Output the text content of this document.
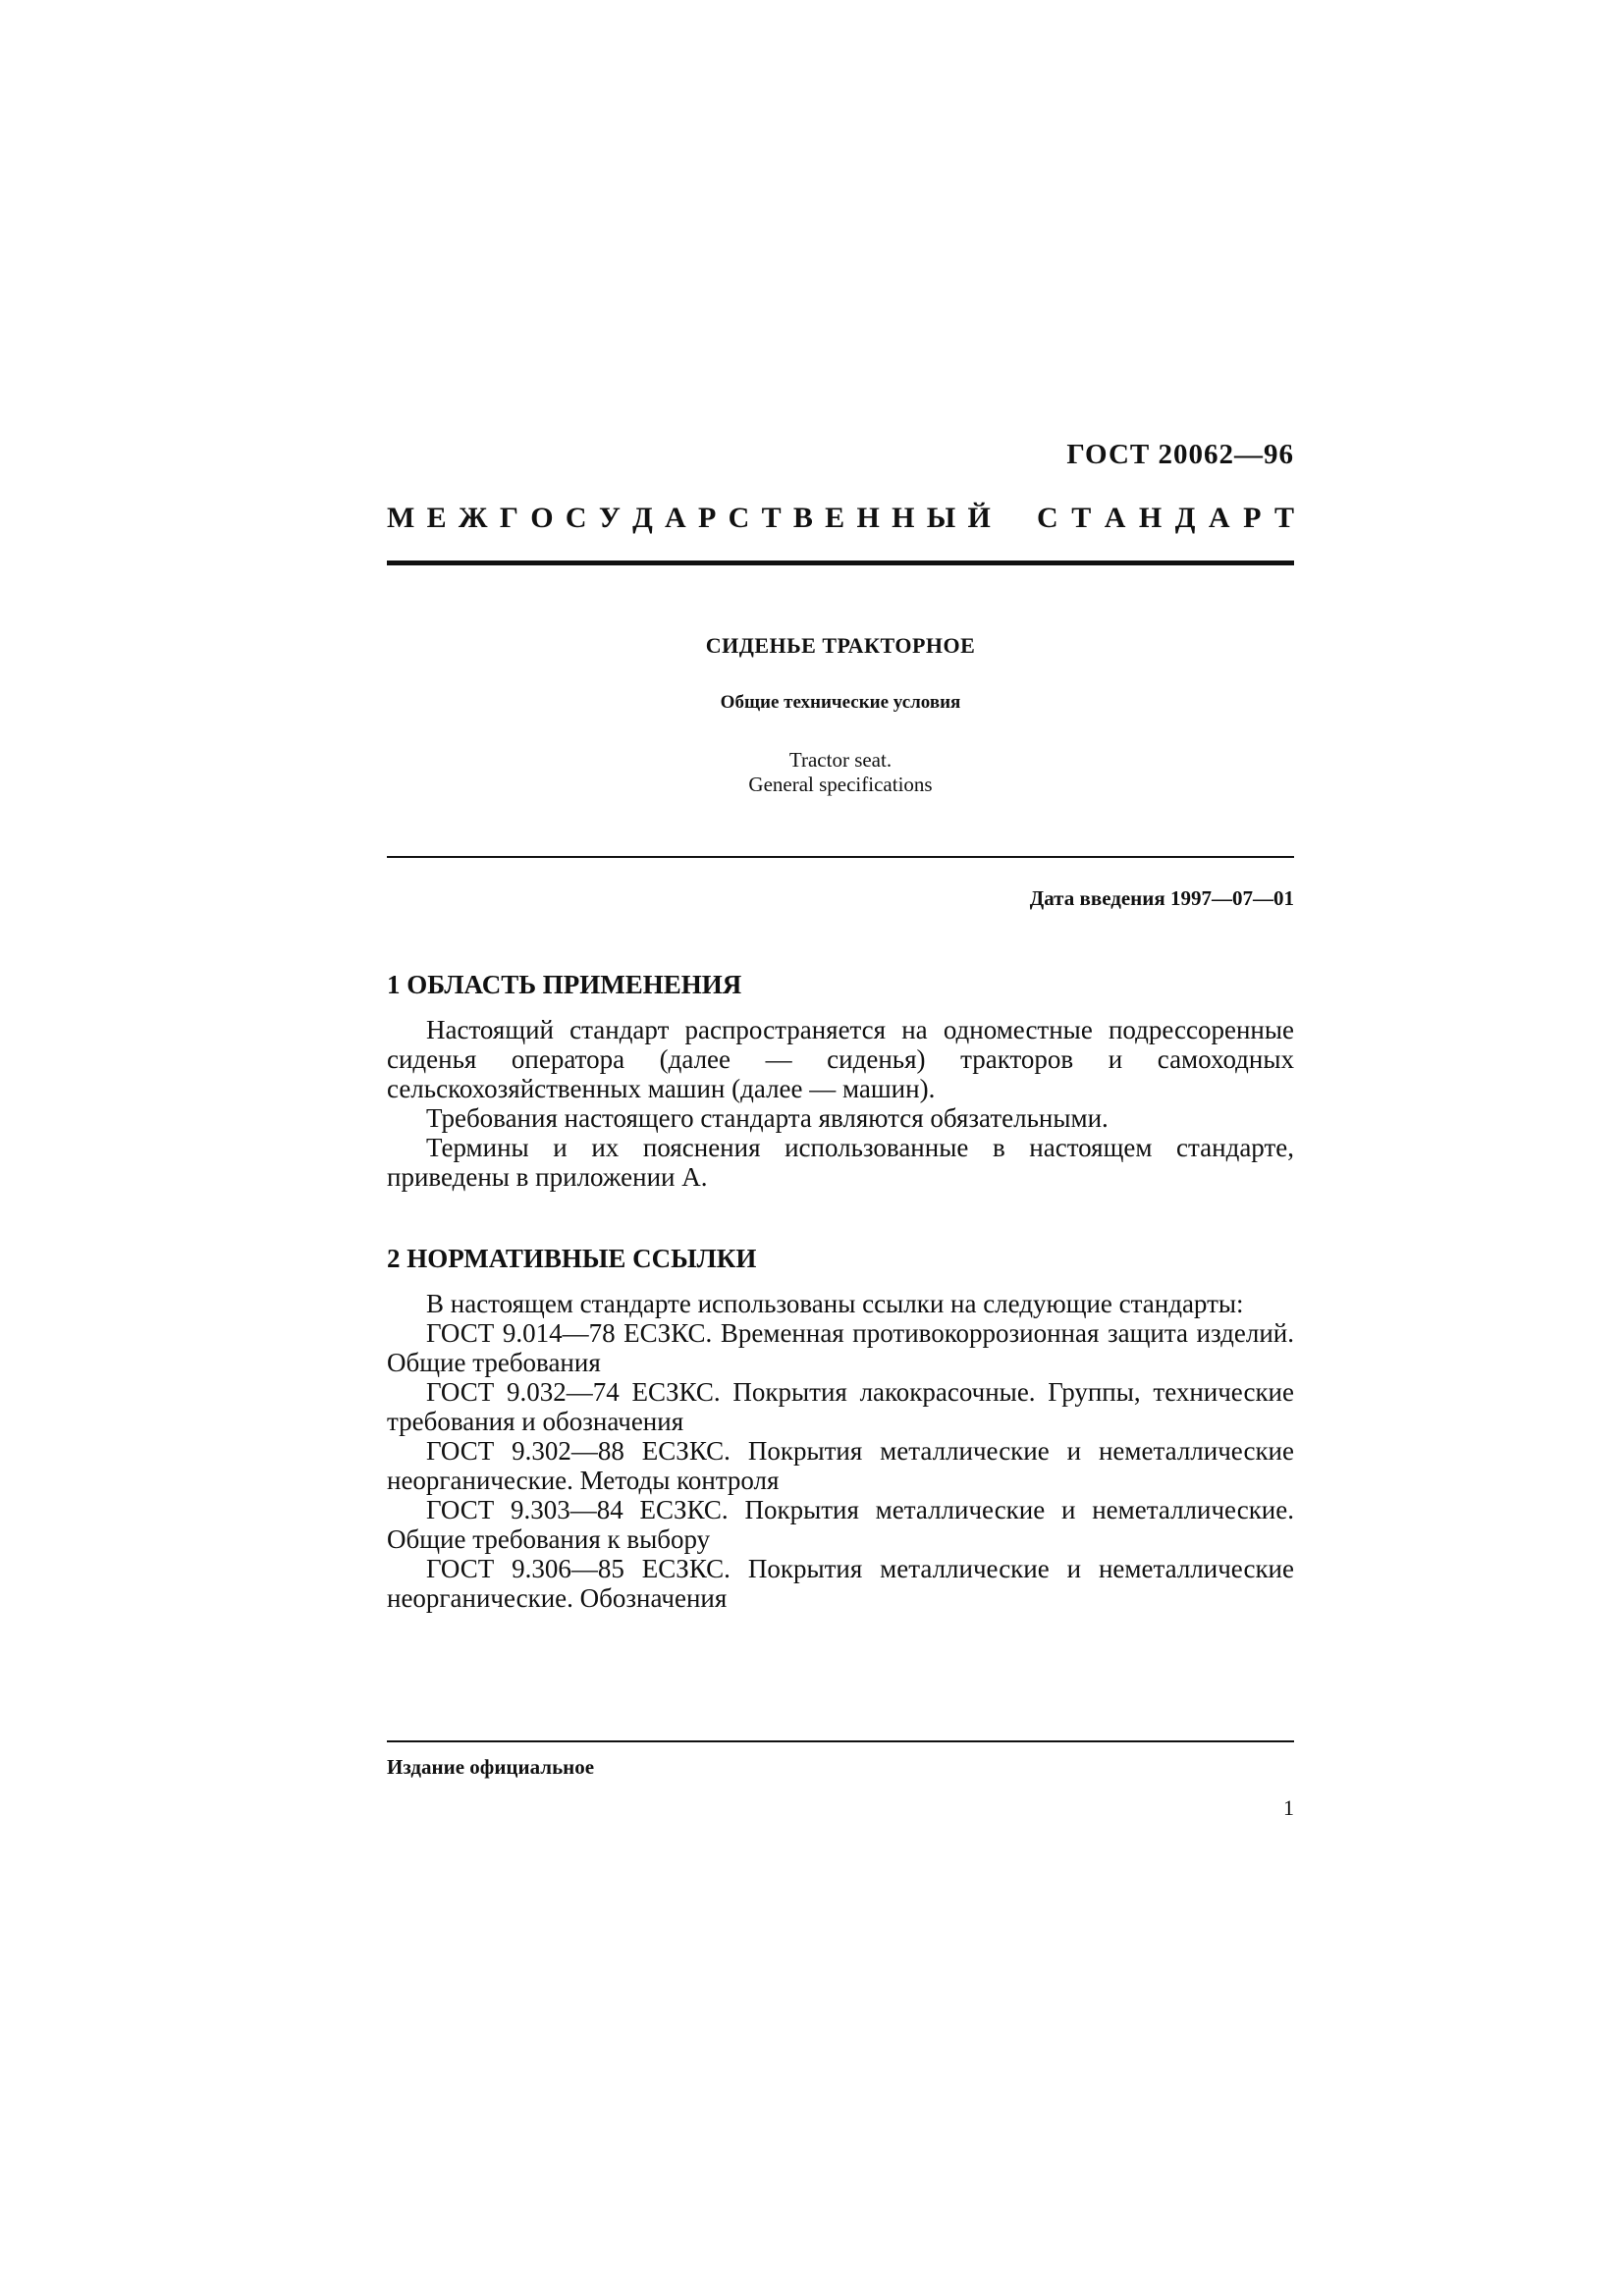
ГОСТ 20062—96
М Е Ж Г О С У Д А Р С Т В Е Н Н Ы Й С Т А Н Д А Р Т
СИДЕНЬЕ ТРАКТОРНОЕ
Общие технические условия
Tractor seat.
General specifications
Дата введения 1997—07—01
1 ОБЛАСТЬ ПРИМЕНЕНИЯ

Настоящий стандарт распространяется на одноместные подрессоренные сиденья оператора (далее — сиденья) тракторов и самоходных сельскохозяйственных машин (далее — машин).

Требования настоящего стандарта являются обязательными.

Термины и их пояснения использованные в настоящем стандарте, приведены в приложении А.

2 НОРМАТИВНЫЕ ССЫЛКИ

В настоящем стандарте использованы ссылки на следующие стандарты:

ГОСТ 9.014—78 ЕСЗКС. Временная противокоррозионная защита изделий. Общие требования

ГОСТ 9.032—74 ЕСЗКС. Покрытия лакокрасочные. Группы, технические требования и обозначения

ГОСТ 9.302—88 ЕСЗКС. Покрытия металлические и неметаллические неорганические. Методы контроля

ГОСТ 9.303—84 ЕСЗКС. Покрытия металлические и неметаллические. Общие требования к выбору

ГОСТ 9.306—85 ЕСЗКС. Покрытия металлические и неметаллические неорганические. Обозначения

Издание официальное
1
